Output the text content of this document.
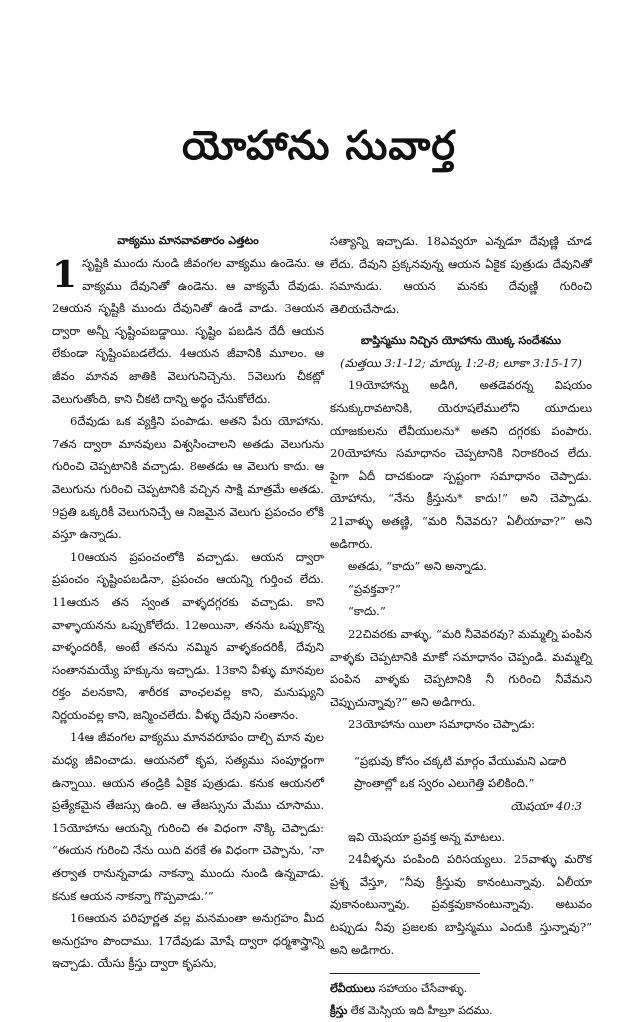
యోహాను సువార్త
వాక్యము మానవావతారం ఎత్తటం

1 సృష్టికి ముందు నుండి జీవంగల వాక్యము ఉండెను. ఆ వాక్యము దేవునితో ఉండెను. ఆ వాక్యమే దేవుడు. 2ఆయన సృష్టికి ముందు దేవునితో ఉండే వాడు. 3ఆయన ద్వారా అన్నీ సృష్టింపబడ్డాయి. సృష్టిం పబడిన దేదీ ఆయన లేకుండా సృష్టింపబడలేదు. 4ఆయన జీవానికి మూలం. ఆ జీవం మానవ జాతికి వెలుగునిచ్చెను. 5వెలుగు చీకట్లో వెలుగుతోంది, కాని చీకటి దాన్ని అర్థం చేసుకోలేదు.

6దేవుడు ఒక వ్యక్తిని పంపాడు. అతని పేరు యోహాను. 7తన ద్వారా మానవులు విశ్వసించాలని అతడు వెలుగును గురించి చెప్పటానికి వచ్చాడు. 8అతడు ఆ వెలుగు కాదు. ఆ వెలుగును గురించి చెప్పటానికి వచ్చిన సాక్షి మాత్రమే అతడు. 9ప్రతి ఒక్కరికీ వెలుగునిచ్చే ఆ నిజమైన వెలుగు ప్రపంచం లోకి వస్తూ ఉన్నాడు.

10ఆయన ప్రపంచంలోకి వచ్చాడు. ఆయన ద్వారా ప్రపంచం సృష్టింపబడినా, ప్రపంచం ఆయన్ని గుర్తించ లేదు. 11ఆయన తన స్వంత వాళ్ళదగ్గరకు వచ్చాడు. కాని వాళ్ళాయనను ఒప్పుకోలేదు. 12అయినా, తనను ఒప్పుకొన్న వాళ్ళందరికీ, అంటే తనను నమ్మిన వాళ్ళకందరికీ, దేవుని సంతానమయ్యే హక్కును ఇచ్చాడు. 13కాని వీళ్ళు మానవుల రక్తం వలనకాని, శారీరక వాంఛలవల్ల కాని, మనుష్యుని నిర్ణయంవల్ల కాని, జన్మించలేదు. వీళ్ళు దేవుని సంతానం.

14ఆ జీవంగల వాక్యము మానవరూపం దాల్చి మాన వుల మధ్య జీవించాడు. ఆయనలో కృప, సత్యము సంపూర్ణంగా ఉన్నాయి. ఆయన తండ్రికి ఏకైక పుత్రుడు. కనుక ఆయనలో ప్రత్యేకమైన తేజస్సు ఉంది. ఆ తేజస్సును మేము చూసాము. 15యోహాను ఆయన్ని గురించి ఈ విధంగా నొక్కి చెప్పాడు: “ఈయన గురించి నేను యిది వరకే ఈ విధంగా చెప్పాను, ‘నా తర్వాత రానున్నవాడు నాకన్నా ముందు నుండి ఉన్నవాడు. కనుక ఆయన నాకన్నా గొప్పవాడు.’”

16ఆయన పరిపూర్ణత వల్ల మనమంతా అనుగ్రహం మీద అనుగ్రహం పొందాము. 17దేవుడు మోషే ద్వారా ధర్మశాస్త్రాన్ని ఇచ్చాడు. యేసు క్రీస్తు ద్వారా కృపను,

సత్యాన్ని ఇచ్చాడు. 18ఎవ్వరూ ఎన్నడూ దేవుణ్ణి చూడ లేదు. దేవుని ప్రక్కనవున్న ఆయన ఏకైక పుత్రుడు దేవునితో సమానుడు. ఆయన మనకు దేవుణ్ణి గురించి తెలియచేసాడు.

బాప్తిస్మము నిచ్చిన యోహాను యొక్క సందేశము
(మత్తయి 3:1-12; మార్కు 1:2-8; లూకా 3:15-17)

19యోహాన్ను అడిగి, అతడెవరన్న విషయం కనుక్కురావటానికి, యెరూషలేములోని యూదులు యాజకులను లేవీయులను* అతని దగ్గరకు పంపారు. 20యోహాను సమాధానం చెప్పటానికి నిరాకరించ లేదు. పైగా ఏదీ దాచకుండా స్పష్టంగా సమాధానం చెప్పాడు. యోహాను, “నేను క్రీస్తును* కాదు!” అని చెప్పాడు. 21వాళ్ళు అతణ్ణి, “మరి నీవెవరు? ఏలీయావా?” అని అడిగారు.

అతడు, “కాదు” అని అన్నాడు.

“ప్రవక్తవా?”

“కాదు.”

22చివరకు వాళ్ళు, “మరి నీవెవరవు? మమ్మల్ని పంపిన వాళ్ళకు చెప్పటానికి మాకో సమాధానం చెప్పండి. మమ్మల్ని పంపిన వాళ్ళకు చెప్పటానికి నీ గురించి నీవేమని చెప్పుచున్నావు?” అని అడిగారు.

23యోహాను యిలా సమాధానం చెప్పాడు:

“ప్రభువు కోసం చక్కటి మార్గం వేయుమని ఎడారి ప్రాంతాల్లో ఒక స్వరం ఎలుగెత్తి పలికింది.”

యెషయా 40:3

ఇవి యెషయా ప్రవక్త అన్న మాటలు.

24వీళ్ళను పంపింది పరిసయ్యలు. 25వాళ్ళు మరొక ప్రశ్న వేస్తూ, “నీవు క్రీస్తువు కానంటున్నావు. ఏలీయా వుకానంటున్నావు. ప్రవక్తవుకానంటున్నావు. అటువం టప్పుడు నీవు ప్రజలకు బాప్తిస్మము ఎందుకి స్తున్నావు?” అని అడిగారు.

లేవీయులు సహాయం చేసేవాళ్ళు.
క్రీస్తు లేక మెస్సియ ఇది హీబ్రూ పదము.
